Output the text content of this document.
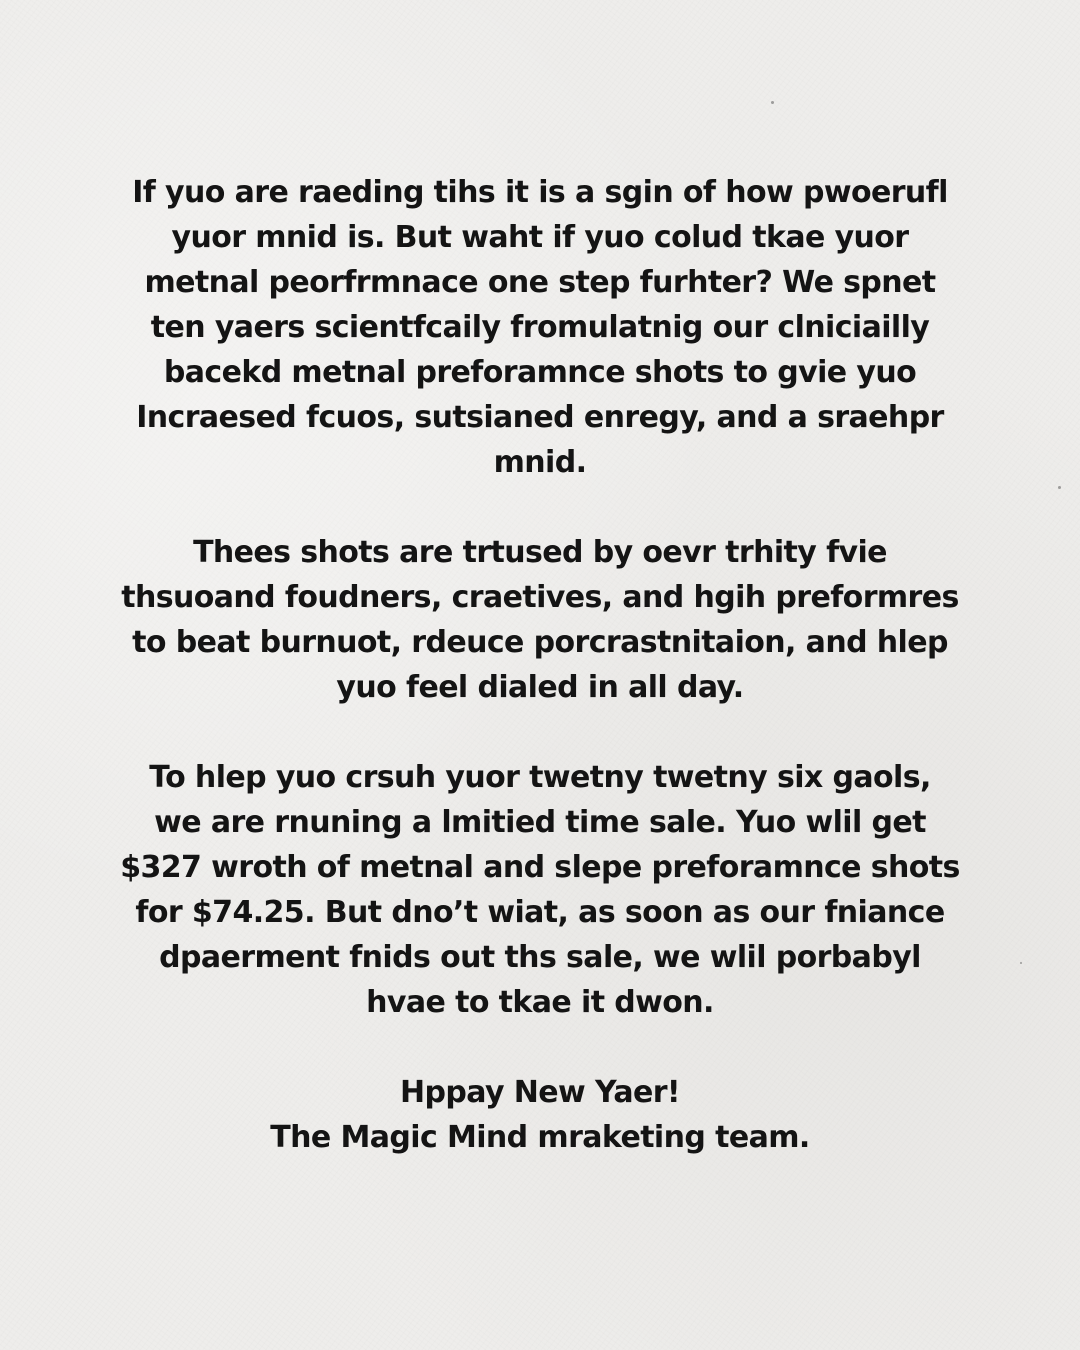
If yuo are raeding tihs it is a sgin of how pwoerufl
yuor mnid is. But waht if yuo colud tkae yuor
metnal peorfrmnace one step furhter? We spnet
ten yaers scientfcaily fromulatnig our clniciailly
bacekd metnal preforamnce shots to gvie yuo
Incraesed fcuos, sutsianed enregy, and a sraehpr
mnid.

Thees shots are trtused by oevr trhity fvie
thsuoand foudners, craetives, and hgih preformres
to beat burnuot, rdeuce porcrastnitaion, and hlep
yuo feel dialed in all day.

To hlep yuo crsuh yuor twetny twetny six gaols,
we are rnuning a lmitied time sale. Yuo wlil get
$327 wroth of metnal and slepe preforamnce shots
for $74.25. But dno’t wiat, as soon as our fniance
dpaerment fnids out ths sale, we wlil porbabyl
hvae to tkae it dwon.

Hppay New Yaer!
The Magic Mind mraketing team.
